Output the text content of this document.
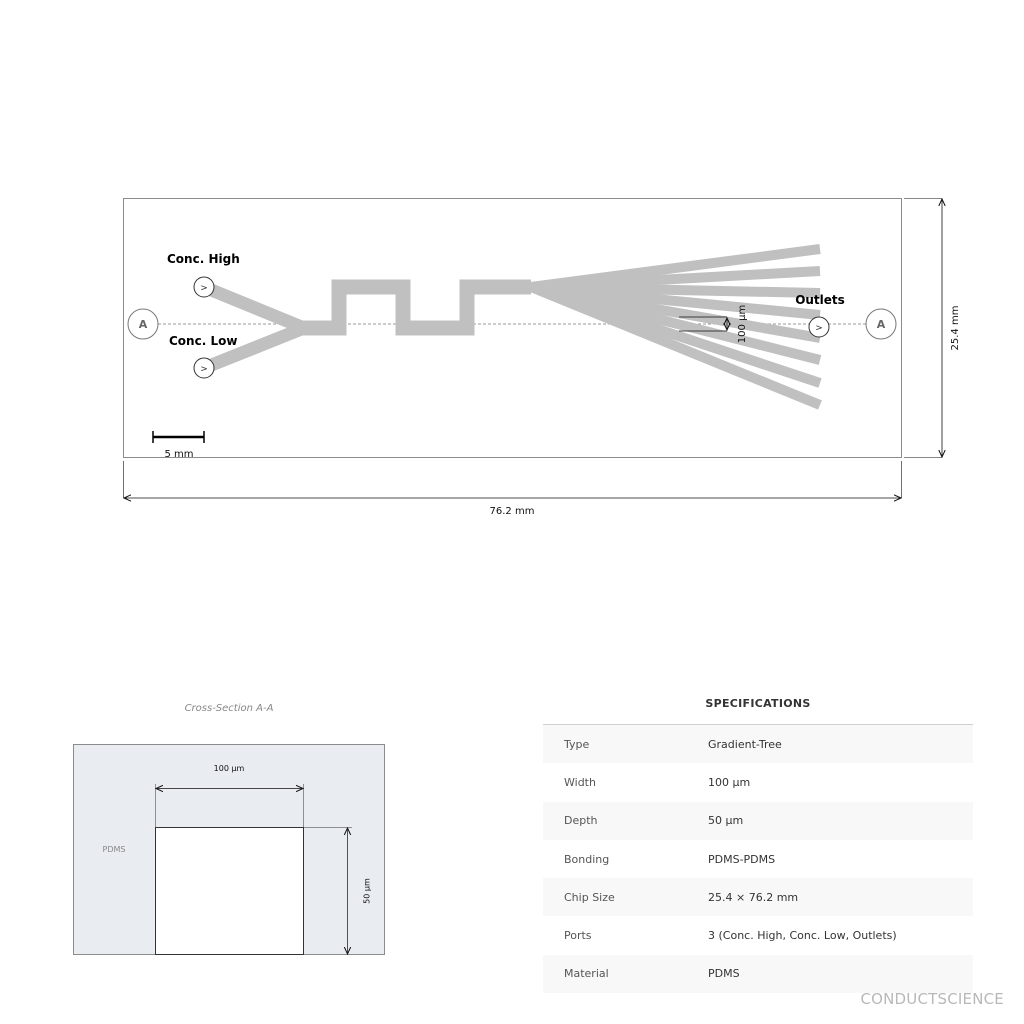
100 μm
A	A
>
>
>
Conc. High
Conc. Low
Outlets
5 mm
25.4 mm
76.2 mm
Cross-Section A-A
PDMS
100 μm
50 μm
SPECIFICATIONS
Type	Gradient-Tree
Width	100 μm
Depth	50 μm
Bonding	PDMS-PDMS
Chip Size	25.4 × 76.2 mm
Ports	3 (Conc. High, Conc. Low, Outlets)
Material	PDMS
CONDUCTSCIENCE
